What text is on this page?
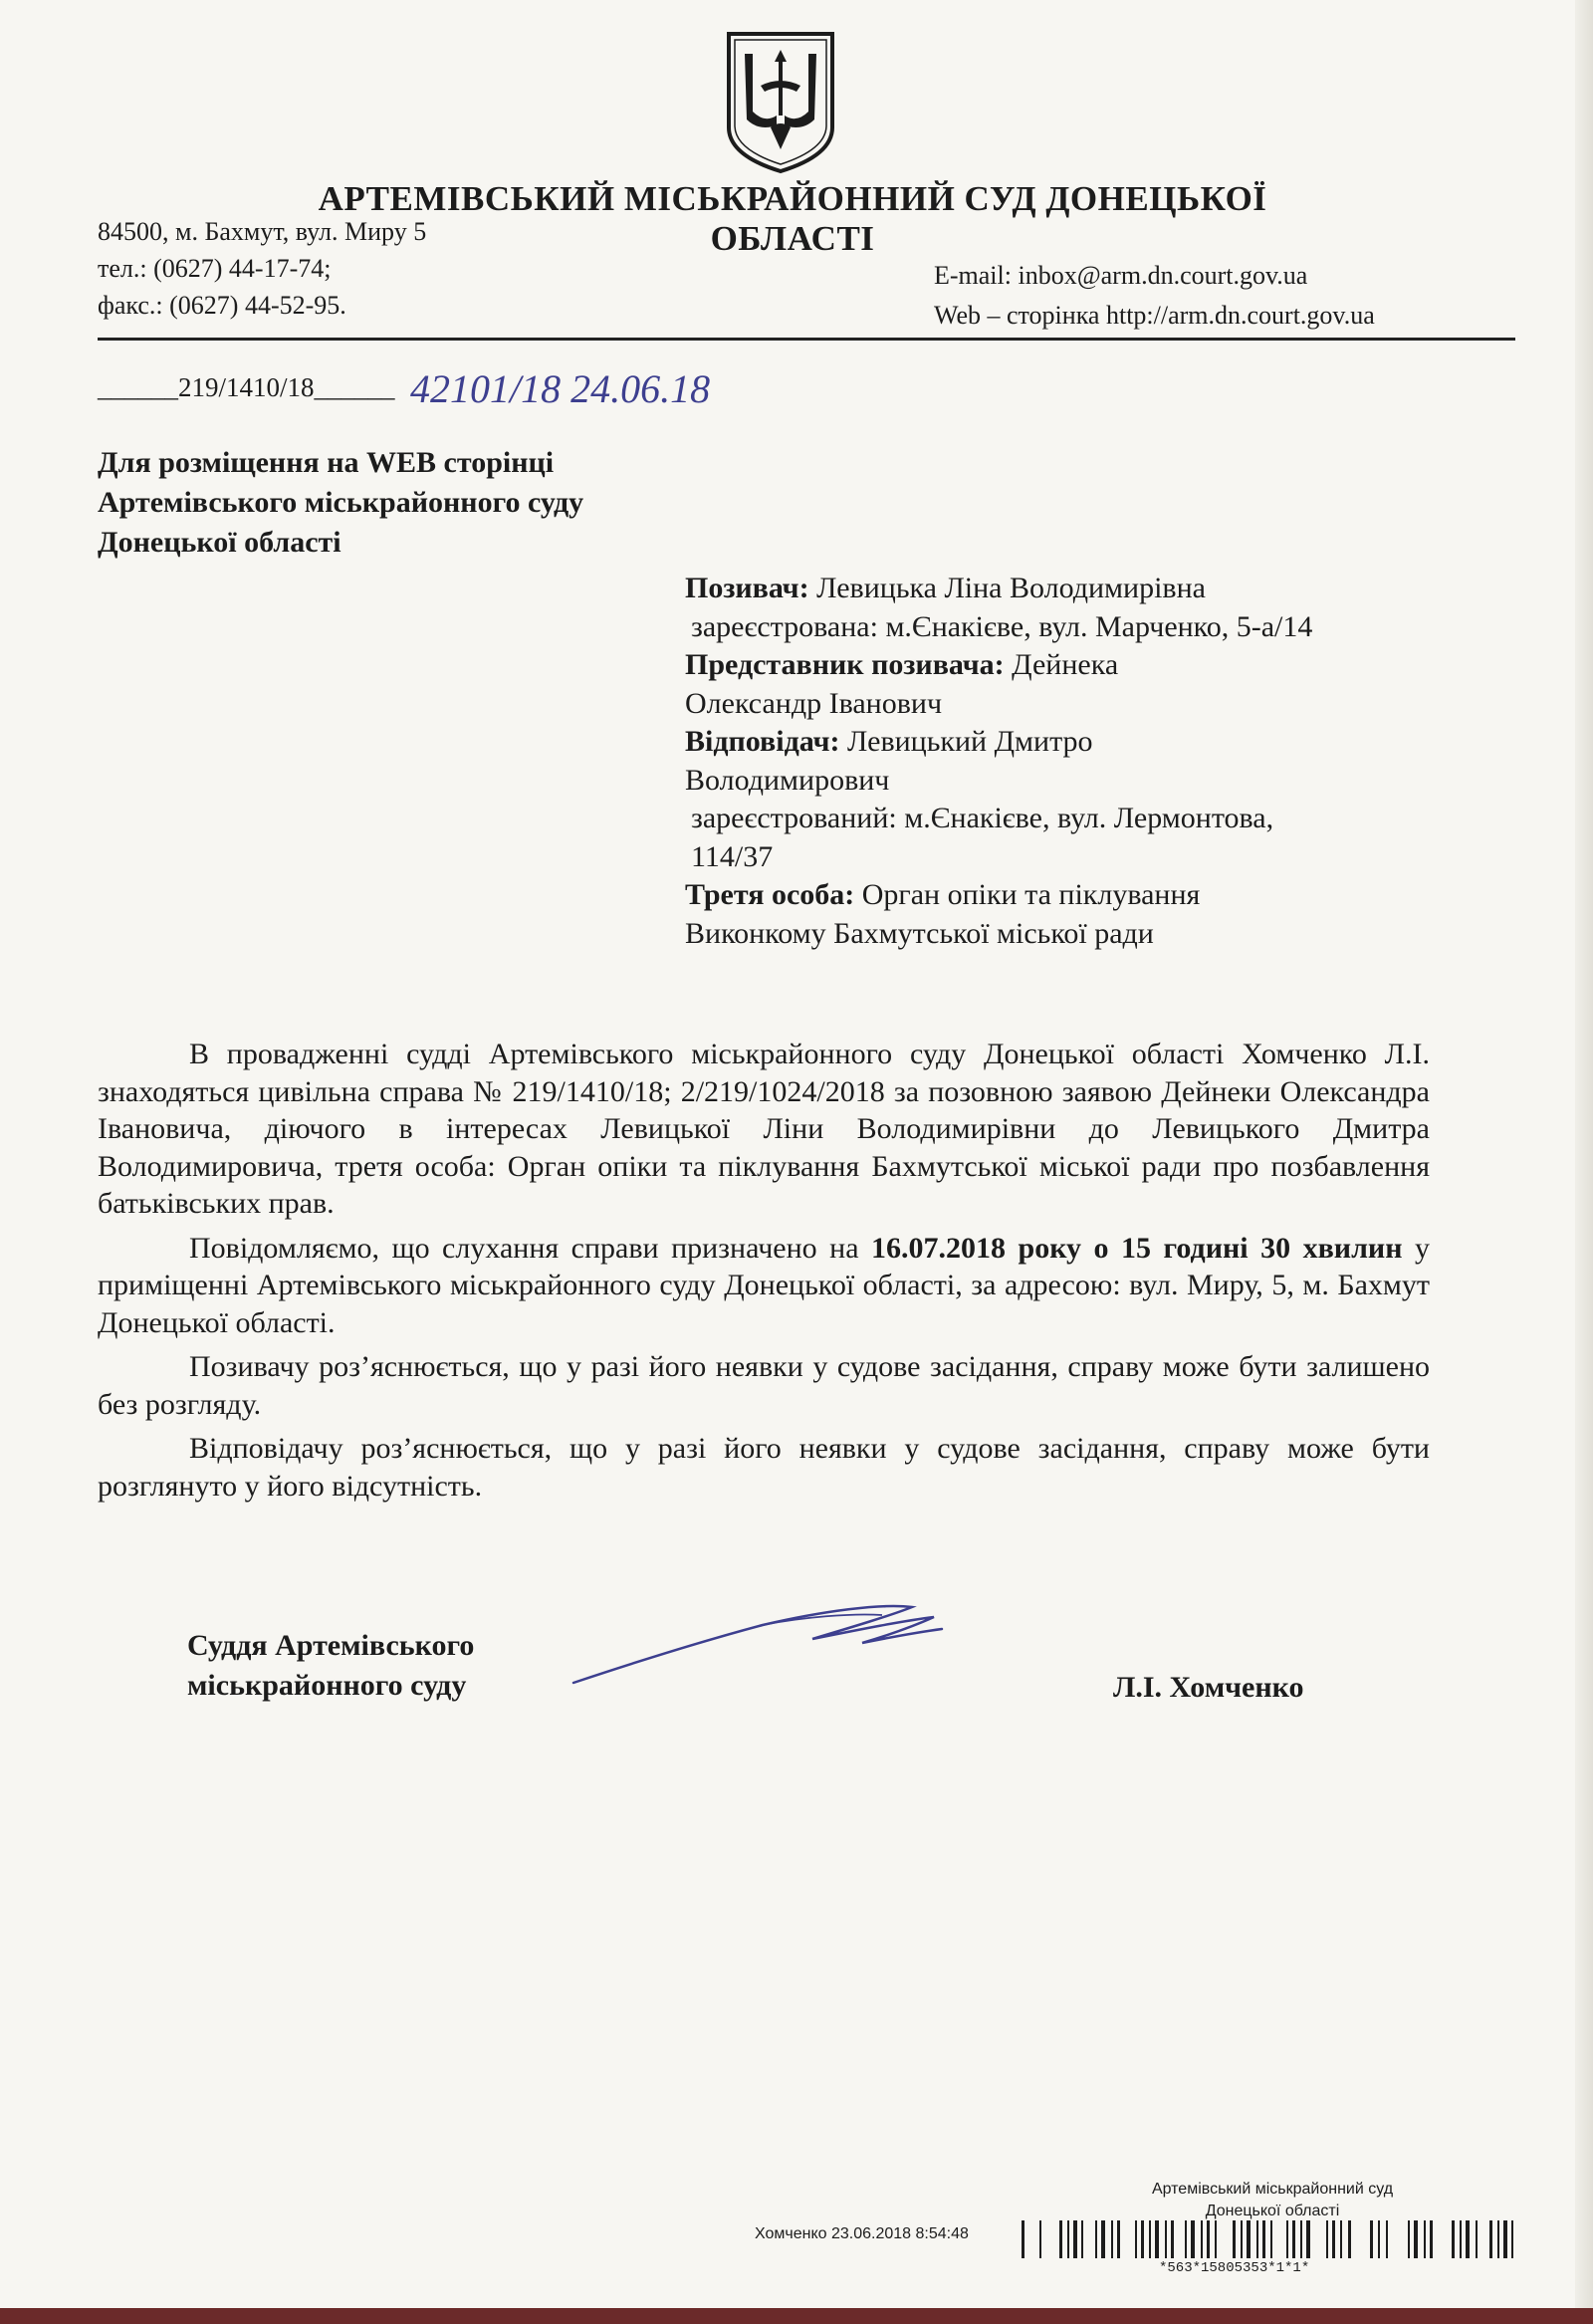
АРТЕМІВСЬКИЙ МІСЬКРАЙОННИЙ СУД ДОНЕЦЬКОЇ ОБЛАСТІ
84500, м. Бахмут, вул. Миру 5
тел.: (0627) 44-17-74;
факс.: (0627) 44-52-95.
E-mail: inbox@arm.dn.court.gov.ua
Web – сторінка http://arm.dn.court.gov.ua
______219/1410/18______ 42101/18 24.06.18
Для розміщення на WEB сторінці
Артемівського міськрайонного суду
Донецької області
Позивач: Левицька Ліна Володимирівна
зареєстрована: м.Єнакієве, вул. Марченко, 5-а/14
Представник позивача: Дейнека
Олександр Іванович
Відповідач: Левицький Дмитро
Володимирович
зареєстрований: м.Єнакієве, вул. Лермонтова,
114/37
Третя особа: Орган опіки та піклування
Виконкому Бахмутської міської ради

В провадженні судді Артемівського міськрайонного суду Донецької області Хомченко Л.І. знаходяться цивільна справа № 219/1410/18; 2/219/1024/2018 за позовною заявою Дейнеки Олександра Івановича, діючого в інтересах Левицької Ліни Володимирівни до Левицького Дмитра Володимировича, третя особа: Орган опіки та піклування Бахмутської міської ради про позбавлення батьківських прав.

Повідомляємо, що слухання справи призначено на 16.07.2018 року о 15 годині 30 хвилин у приміщенні Артемівського міськрайонного суду Донецької області, за адресою: вул. Миру, 5, м. Бахмут Донецької області.

Позивачу роз’яснюється, що у разі його неявки у судове засідання, справу може бути залишено без розгляду.

Відповідачу роз’яснюється, що у разі його неявки у судове засідання, справу може бути розглянуто у його відсутність.

Суддя Артемівського
міськрайонного суду	Л.І. Хомченко
Артемівський міськрайонний суд
Донецької області
Хомченко 23.06.2018 8:54:48
*563*15805353*1*1*
